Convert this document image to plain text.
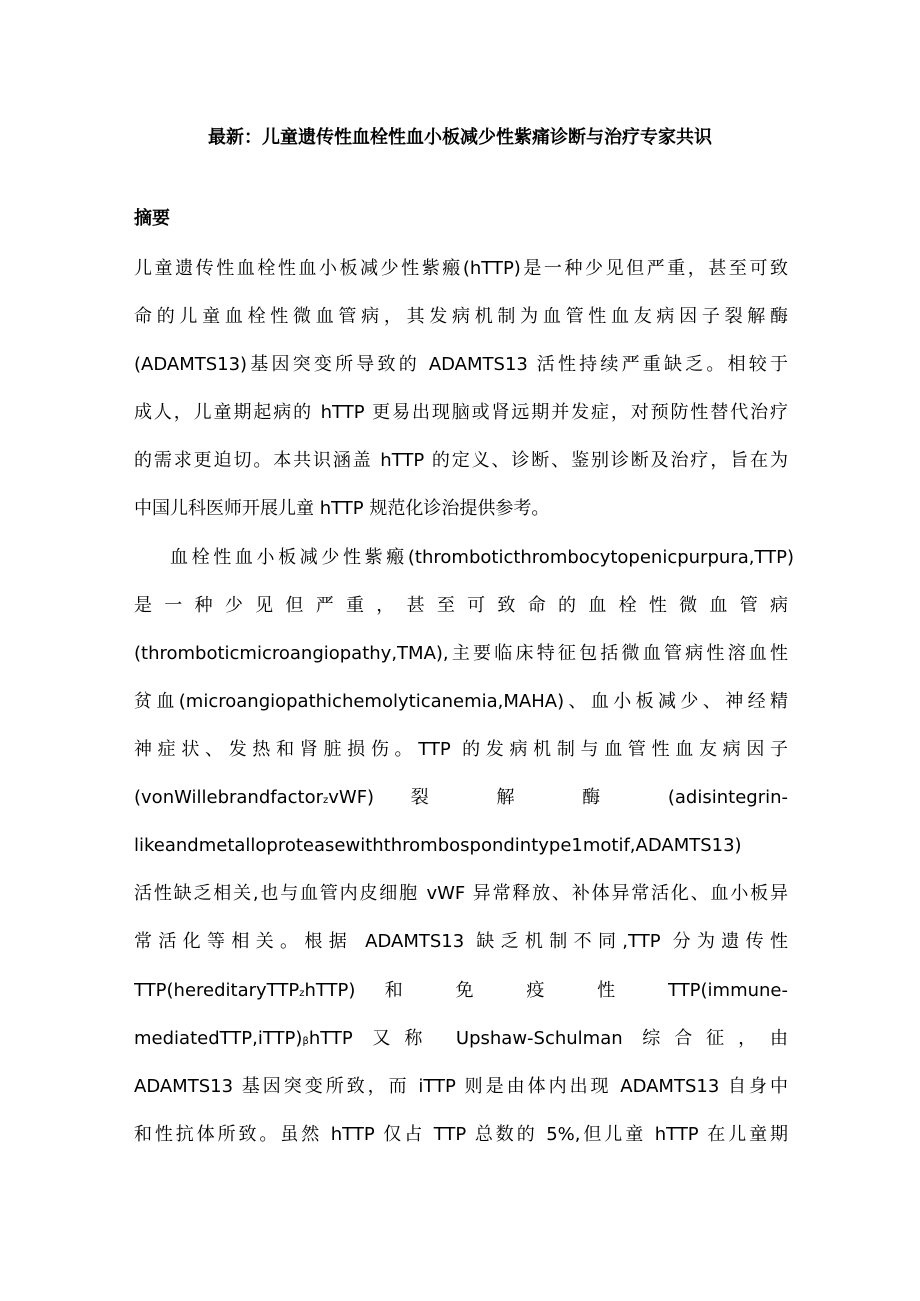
最新：儿童遗传性血栓性血小板减少性紫痛诊断与治疗专家共识
摘要
儿童遗传性血栓性血小板减少性紫瘢(hTTP)是一种少见但严重，甚至可致
命的儿童血栓性微血管病，其发病机制为血管性血友病因子裂解酶
(ADAMTS13)基因突变所导致的 ADAMTS13 活性持续严重缺乏。相较于
成人，儿童期起病的 hTTP 更易出现脑或肾远期并发症，对预防性替代治疗
的需求更迫切。本共识涵盖 hTTP 的定义、诊断、鉴别诊断及治疗，旨在为
中国儿科医师开展儿童 hTTP 规范化诊治提供参考。
血栓性血小板减少性紫瘢(thromboticthrombocytopenicpurpura,TTP)
是一种少见但严重，甚至可致命的血栓性微血管病
(thromboticmicroangiopathy,TMA),主要临床特征包括微血管病性溶血性
贫血(microangiopathichemolyticanemia,MAHA)、血小板减少、神经精
神症状、发热和肾脏损伤。TTP 的发病机制与血管性血友病因子
(vonWillebrandfactorzvWF) 裂 解 酶 (adisintegrin-
likeandmetalloproteasewiththrombospondintype1motif,ADAMTS13)
活性缺乏相关,也与血管内皮细胞 vWF 异常释放、补体异常活化、血小板异
常活化等相关。根据 ADAMTS13 缺乏机制不同,TTP 分为遗传性
TTP(hereditaryTTPzhTTP) 和 免 疫 性 TTP(immune-
mediatedTTP,iTTP)βhTTP 又称 Upshaw-Schulman 综合征，由
ADAMTS13 基因突变所致，而 iTTP 则是由体内出现 ADAMTS13 自身中
和性抗体所致。虽然 hTTP 仅占 TTP 总数的 5%,但儿童 hTTP 在儿童期
